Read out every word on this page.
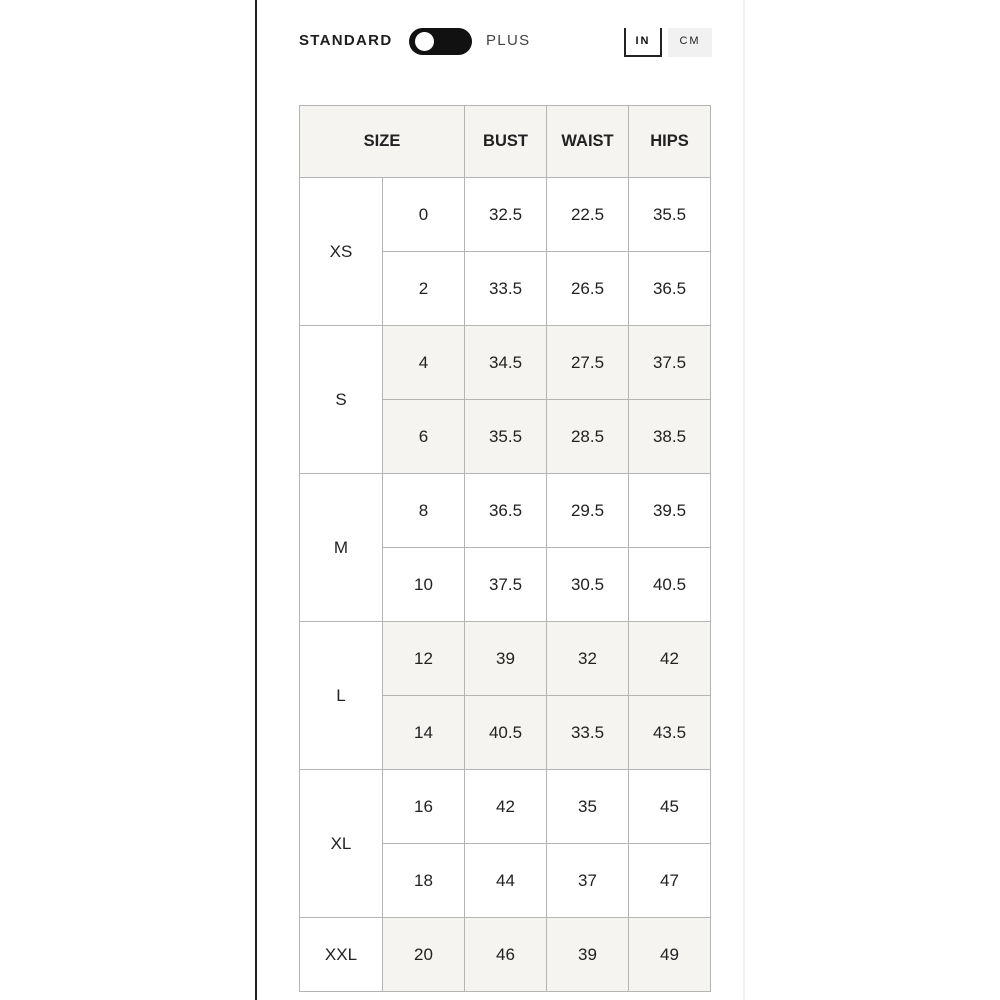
STANDARD	PLUS	IN	CM
SIZE		BUST	WAIST	HIPS
XS	0	32.5	22.5	35.5
	2	33.5	26.5	36.5
S	4	34.5	27.5	37.5
	6	35.5	28.5	38.5
M	8	36.5	29.5	39.5
	10	37.5	30.5	40.5
L	12	39	32	42
	14	40.5	33.5	43.5
XL	16	42	35	45
	18	44	37	47
XXL	20	46	39	49
